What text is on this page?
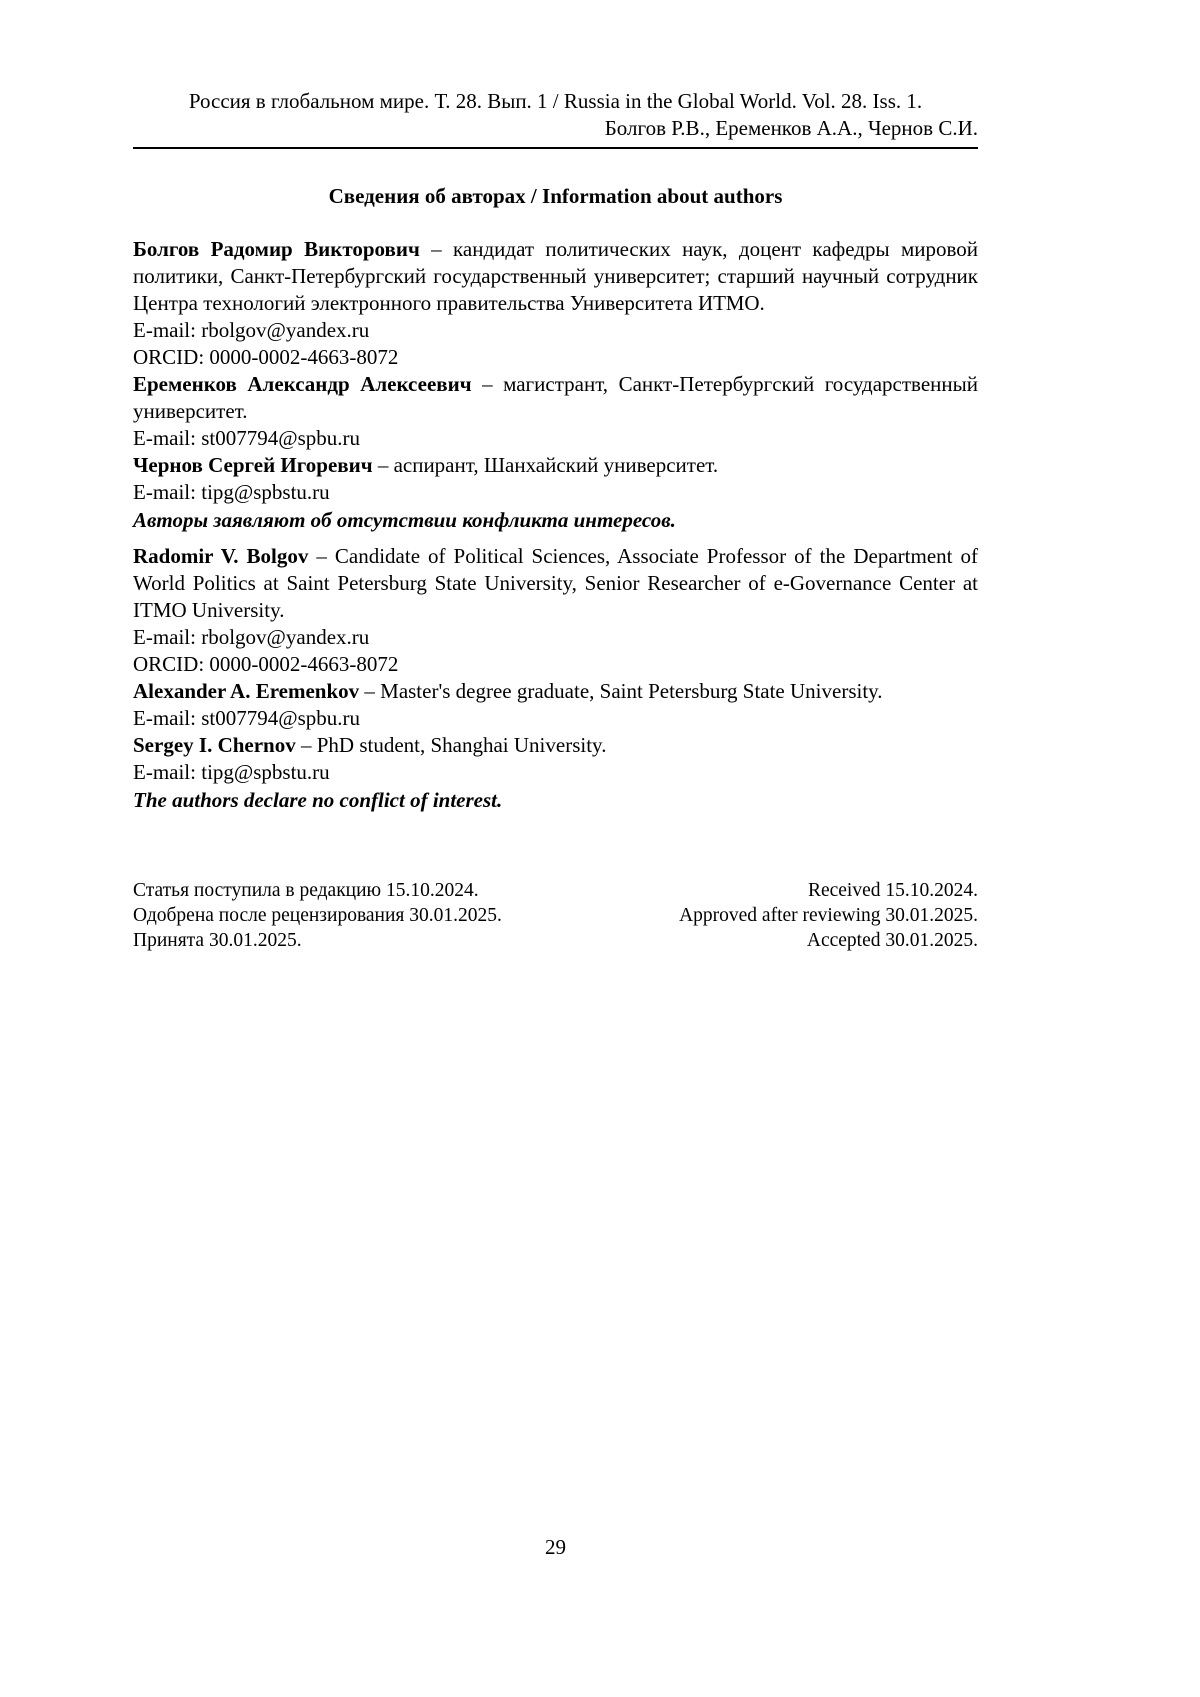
Россия в глобальном мире. Т. 28. Вып. 1 / Russia in the Global World. Vol. 28. Iss. 1.
Болгов Р.В., Еременков А.А., Чернов С.И.
Сведения об авторах / Information about authors

Болгов Радомир Викторович – кандидат политических наук, доцент кафедры мировой политики, Санкт-Петербургский государственный университет; старший научный сотрудник Центра технологий электронного правительства Университета ИТМО.

E-mail: rbolgov@yandex.ru

ORCID: 0000-0002-4663-8072

Еременков Александр Алексеевич – магистрант, Санкт-Петербургский государственный университет.

E-mail: st007794@spbu.ru

Чернов Сергей Игоревич – аспирант, Шанхайский университет.

E-mail: tipg@spbstu.ru

Авторы заявляют об отсутствии конфликта интересов.

Radomir V. Bolgov – Candidate of Political Sciences, Associate Professor of the Department of World Politics at Saint Petersburg State University, Senior Researcher of e-Governance Center at ITMO University.

E-mail: rbolgov@yandex.ru

ORCID: 0000-0002-4663-8072

Alexander A. Eremenkov – Master's degree graduate, Saint Petersburg State University.

E-mail: st007794@spbu.ru

Sergey I. Chernov – PhD student, Shanghai University.

E-mail: tipg@spbstu.ru

The authors declare no conflict of interest.

Статья поступила в редакцию 15.10.2024.

Одобрена после рецензирования 30.01.2025.

Принята 30.01.2025.

Received 15.10.2024.

Approved after reviewing 30.01.2025.

Accepted 30.01.2025.

29
